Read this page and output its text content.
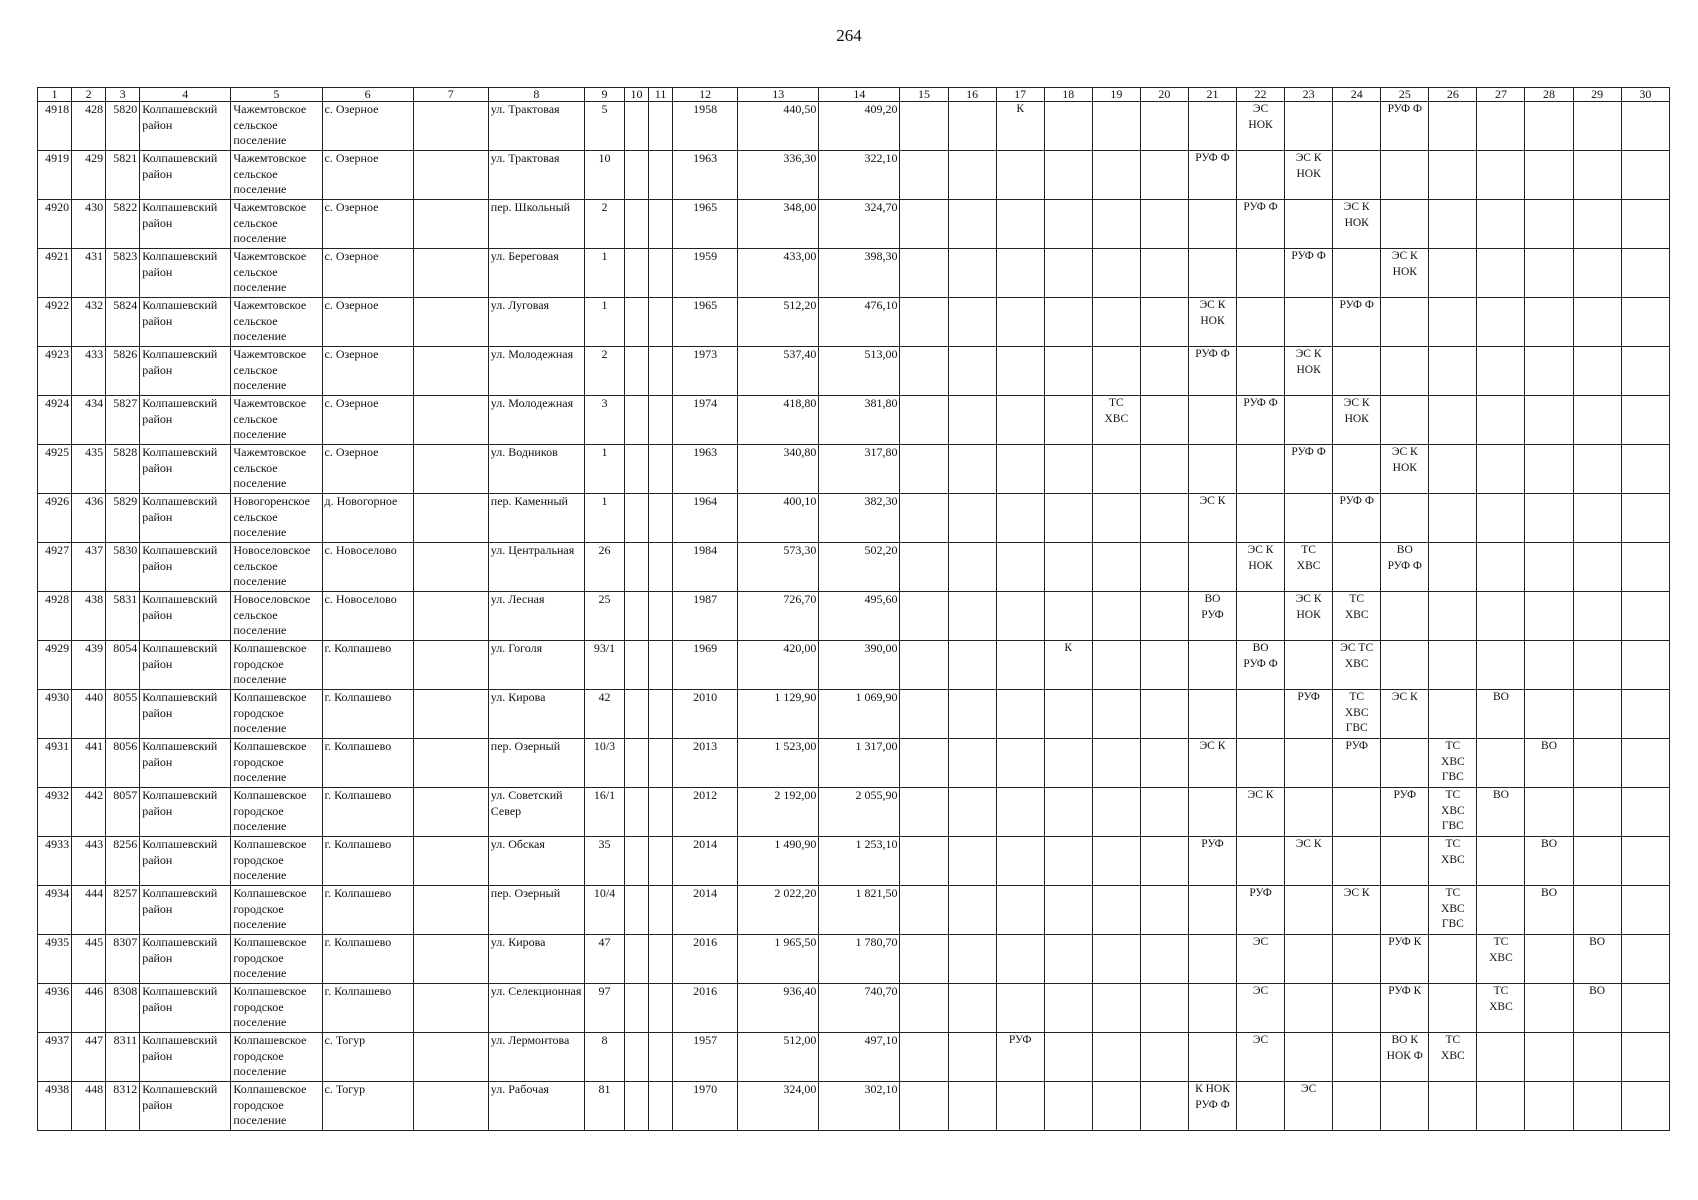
264
1	2	3	4	5	6	7	8	9	10	11	12	13	14	15	16	17	18	19	20	21	22	23	24	25	26	27	28	29	30
4918	428	5820	Колпашевский район	Чажемтовское сельское поселение	с. Озерное		ул. Трактовая	5			1958	440,50	409,20			К					ЭС
НОК			РУФ Ф					
4919	429	5821	Колпашевский район	Чажемтовское сельское поселение	с. Озерное		ул. Трактовая	10			1963	336,30	322,10							РУФ Ф		ЭС К
НОК							
4920	430	5822	Колпашевский район	Чажемтовское сельское поселение	с. Озерное		пер. Школьный	2			1965	348,00	324,70								РУФ Ф		ЭС К
НОК						
4921	431	5823	Колпашевский район	Чажемтовское сельское поселение	с. Озерное		ул. Береговая	1			1959	433,00	398,30									РУФ Ф		ЭС К
НОК					
4922	432	5824	Колпашевский район	Чажемтовское сельское поселение	с. Озерное		ул. Луговая	1			1965	512,20	476,10							ЭС К
НОК			РУФ Ф						
4923	433	5826	Колпашевский район	Чажемтовское сельское поселение	с. Озерное		ул. Молодежная	2			1973	537,40	513,00							РУФ Ф		ЭС К
НОК							
4924	434	5827	Колпашевский район	Чажемтовское сельское поселение	с. Озерное		ул. Молодежная	3			1974	418,80	381,80					ТС
ХВС			РУФ Ф		ЭС К
НОК						
4925	435	5828	Колпашевский район	Чажемтовское сельское поселение	с. Озерное		ул. Водников	1			1963	340,80	317,80									РУФ Ф		ЭС К
НОК					
4926	436	5829	Колпашевский район	Новогоренское сельское поселение	д. Новогорное		пер. Каменный	1			1964	400,10	382,30							ЭС К			РУФ Ф						
4927	437	5830	Колпашевский район	Новоселовское сельское поселение	с. Новоселово		ул. Центральная	26			1984	573,30	502,20								ЭС К
НОК	ТС
ХВС		ВО
РУФ Ф					
4928	438	5831	Колпашевский район	Новоселовское сельское поселение	с. Новоселово		ул. Лесная	25			1987	726,70	495,60							ВО
РУФ		ЭС К
НОК	ТС
ХВС						
4929	439	8054	Колпашевский район	Колпашевское городское поселение	г. Колпашево		ул. Гоголя	93/1			1969	420,00	390,00				К				ВО
РУФ Ф		ЭС ТС
ХВС						
4930	440	8055	Колпашевский район	Колпашевское городское поселение	г. Колпашево		ул. Кирова	42			2010	1 129,90	1 069,90									РУФ	ТС
ХВС
ГВС	ЭС К		ВО			
4931	441	8056	Колпашевский район	Колпашевское городское поселение	г. Колпашево		пер. Озерный	10/3			2013	1 523,00	1 317,00							ЭС К			РУФ		ТС
ХВС
ГВС		ВО		
4932	442	8057	Колпашевский район	Колпашевское городское поселение	г. Колпашево		ул. Советский Север	16/1			2012	2 192,00	2 055,90								ЭС К			РУФ	ТС
ХВС
ГВС	ВО			
4933	443	8256	Колпашевский район	Колпашевское городское поселение	г. Колпашево		ул. Обская	35			2014	1 490,90	1 253,10							РУФ		ЭС К			ТС
ХВС		ВО		
4934	444	8257	Колпашевский район	Колпашевское городское поселение	г. Колпашево		пер. Озерный	10/4			2014	2 022,20	1 821,50								РУФ		ЭС К		ТС
ХВС
ГВС		ВО		
4935	445	8307	Колпашевский район	Колпашевское городское поселение	г. Колпашево		ул. Кирова	47			2016	1 965,50	1 780,70								ЭС			РУФ К		ТС
ХВС		ВО	
4936	446	8308	Колпашевский район	Колпашевское городское поселение	г. Колпашево		ул. Селекционная	97			2016	936,40	740,70								ЭС			РУФ К		ТС
ХВС		ВО	
4937	447	8311	Колпашевский район	Колпашевское городское поселение	с. Тогур		ул. Лермонтова	8			1957	512,00	497,10			РУФ					ЭС			ВО К
НОК Ф	ТС
ХВС				
4938	448	8312	Колпашевский район	Колпашевское городское поселение	с. Тогур		ул. Рабочая	81			1970	324,00	302,10							К НОК
РУФ Ф		ЭС							
